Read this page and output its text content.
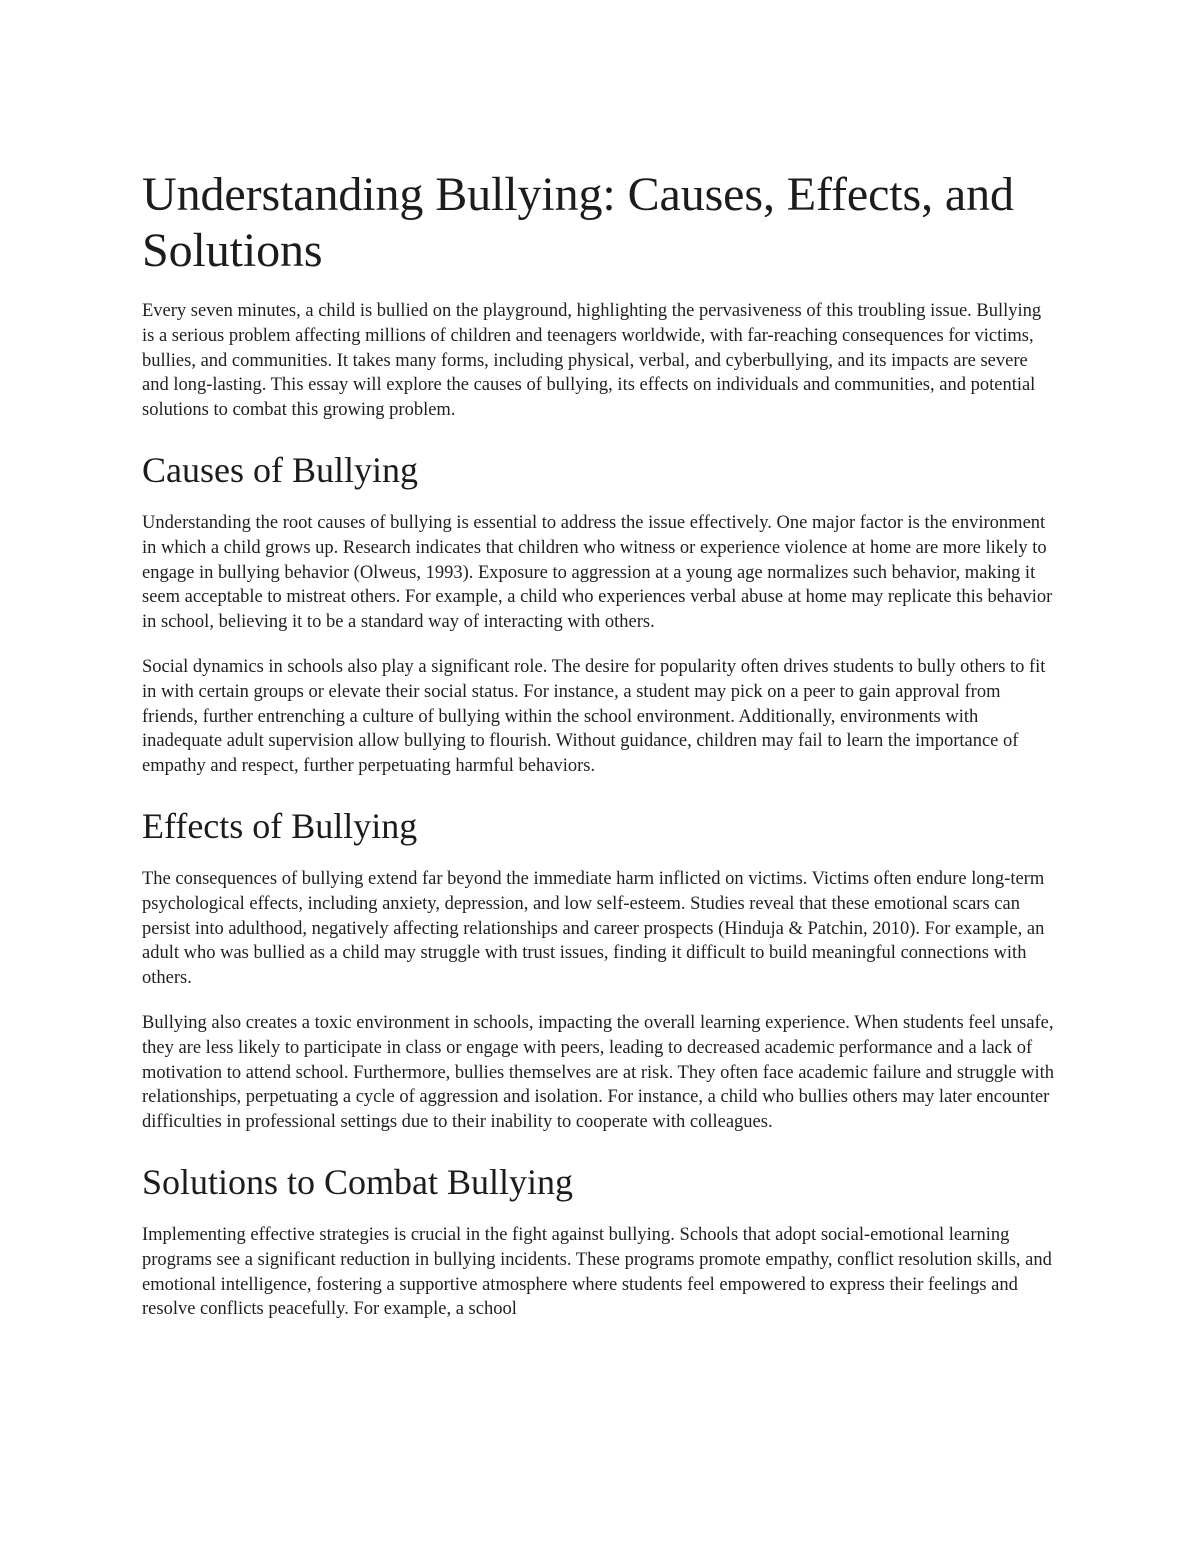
Understanding Bullying: Causes, Effects, and Solutions

Every seven minutes, a child is bullied on the playground, highlighting the pervasiveness of this troubling issue. Bullying is a serious problem affecting millions of children and teenagers worldwide, with far-reaching consequences for victims, bullies, and communities. It takes many forms, including physical, verbal, and cyberbullying, and its impacts are severe and long-lasting. This essay will explore the causes of bullying, its effects on individuals and communities, and potential solutions to combat this growing problem.

Causes of Bullying

Understanding the root causes of bullying is essential to address the issue effectively. One major factor is the environment in which a child grows up. Research indicates that children who witness or experience violence at home are more likely to engage in bullying behavior (Olweus, 1993). Exposure to aggression at a young age normalizes such behavior, making it seem acceptable to mistreat others. For example, a child who experiences verbal abuse at home may replicate this behavior in school, believing it to be a standard way of interacting with others.

Social dynamics in schools also play a significant role. The desire for popularity often drives students to bully others to fit in with certain groups or elevate their social status. For instance, a student may pick on a peer to gain approval from friends, further entrenching a culture of bullying within the school environment. Additionally, environments with inadequate adult supervision allow bullying to flourish. Without guidance, children may fail to learn the importance of empathy and respect, further perpetuating harmful behaviors.

Effects of Bullying

The consequences of bullying extend far beyond the immediate harm inflicted on victims. Victims often endure long-term psychological effects, including anxiety, depression, and low self-esteem. Studies reveal that these emotional scars can persist into adulthood, negatively affecting relationships and career prospects (Hinduja & Patchin, 2010). For example, an adult who was bullied as a child may struggle with trust issues, finding it difficult to build meaningful connections with others.

Bullying also creates a toxic environment in schools, impacting the overall learning experience. When students feel unsafe, they are less likely to participate in class or engage with peers, leading to decreased academic performance and a lack of motivation to attend school. Furthermore, bullies themselves are at risk. They often face academic failure and struggle with relationships, perpetuating a cycle of aggression and isolation. For instance, a child who bullies others may later encounter difficulties in professional settings due to their inability to cooperate with colleagues.

Solutions to Combat Bullying

Implementing effective strategies is crucial in the fight against bullying. Schools that adopt social-emotional learning programs see a significant reduction in bullying incidents. These programs promote empathy, conflict resolution skills, and emotional intelligence, fostering a supportive atmosphere where students feel empowered to express their feelings and resolve conflicts peacefully. For example, a school
